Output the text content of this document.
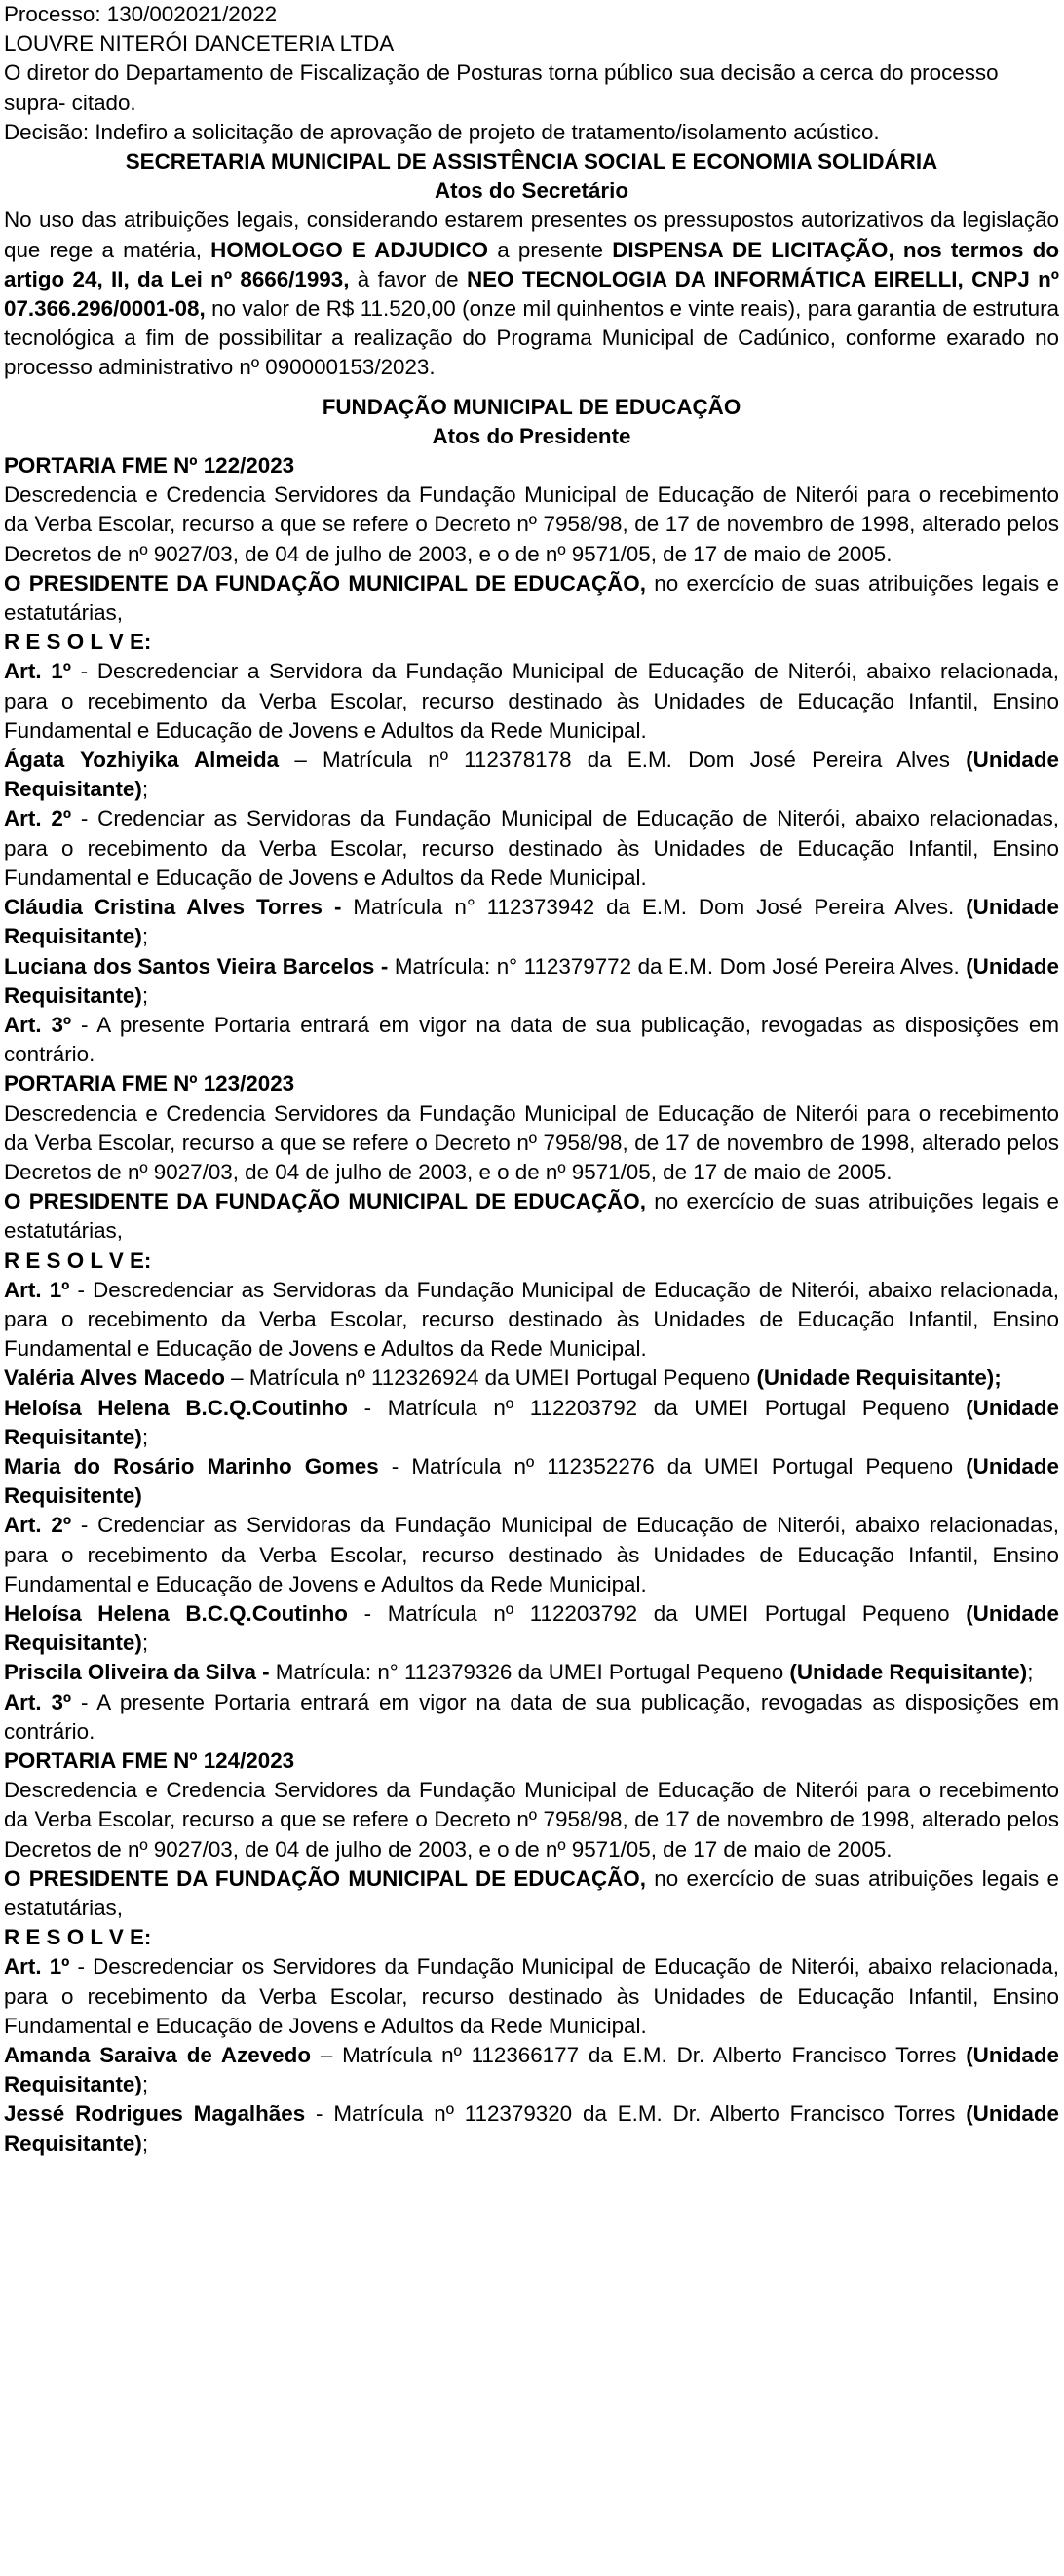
Processo: 130/002021/2022

LOUVRE NITERÓI DANCETERIA LTDA

O diretor do Departamento de Fiscalização de Posturas torna público sua decisão a cerca do processo supra- citado.

Decisão: Indefiro a solicitação de aprovação de projeto de tratamento/isolamento acústico.

SECRETARIA MUNICIPAL DE ASSISTÊNCIA SOCIAL E ECONOMIA SOLIDÁRIA

Atos do Secretário

No uso das atribuições legais, considerando estarem presentes os pressupostos autorizativos da legislação que rege a matéria, HOMOLOGO E ADJUDICO a presente DISPENSA DE LICITAÇÃO, nos termos do artigo 24, II, da Lei nº 8666/1993, à favor de NEO TECNOLOGIA DA INFORMÁTICA EIRELLI, CNPJ nº 07.366.296/0001-08, no valor de R$ 11.520,00 (onze mil quinhentos e vinte reais), para garantia de estrutura tecnológica a fim de possibilitar a realização do Programa Municipal de Cadúnico, conforme exarado no processo administrativo nº 090000153/2023.

FUNDAÇÃO MUNICIPAL DE EDUCAÇÃO

Atos do Presidente

PORTARIA FME Nº 122/2023

Descredencia e Credencia Servidores da Fundação Municipal de Educação de Niterói para o recebimento da Verba Escolar, recurso a que se refere o Decreto nº 7958/98, de 17 de novembro de 1998, alterado pelos Decretos de nº 9027/03, de 04 de julho de 2003, e o de nº 9571/05, de 17 de maio de 2005.

O PRESIDENTE DA FUNDAÇÃO MUNICIPAL DE EDUCAÇÃO, no exercício de suas atribuições legais e estatutárias,

R E S O L V E:

Art. 1º - Descredenciar a Servidora da Fundação Municipal de Educação de Niterói, abaixo relacionada, para o recebimento da Verba Escolar, recurso destinado às Unidades de Educação Infantil, Ensino Fundamental e Educação de Jovens e Adultos da Rede Municipal.

Ágata Yozhiyika Almeida – Matrícula nº 112378178 da E.M. Dom José Pereira Alves (Unidade Requisitante);

Art. 2º - Credenciar as Servidoras da Fundação Municipal de Educação de Niterói, abaixo relacionadas, para o recebimento da Verba Escolar, recurso destinado às Unidades de Educação Infantil, Ensino Fundamental e Educação de Jovens e Adultos da Rede Municipal.

Cláudia Cristina Alves Torres - Matrícula n° 112373942 da E.M. Dom José Pereira Alves. (Unidade Requisitante);

Luciana dos Santos Vieira Barcelos - Matrícula: n° 112379772 da E.M. Dom José Pereira Alves. (Unidade Requisitante);

Art. 3º - A presente Portaria entrará em vigor na data de sua publicação, revogadas as disposições em contrário.

PORTARIA FME Nº 123/2023

Descredencia e Credencia Servidores da Fundação Municipal de Educação de Niterói para o recebimento da Verba Escolar, recurso a que se refere o Decreto nº 7958/98, de 17 de novembro de 1998, alterado pelos Decretos de nº 9027/03, de 04 de julho de 2003, e o de nº 9571/05, de 17 de maio de 2005.

O PRESIDENTE DA FUNDAÇÃO MUNICIPAL DE EDUCAÇÃO, no exercício de suas atribuições legais e estatutárias,

R E S O L V E:

Art. 1º - Descredenciar as Servidoras da Fundação Municipal de Educação de Niterói, abaixo relacionada, para o recebimento da Verba Escolar, recurso destinado às Unidades de Educação Infantil, Ensino Fundamental e Educação de Jovens e Adultos da Rede Municipal.

Valéria Alves Macedo – Matrícula nº 112326924 da UMEI Portugal Pequeno (Unidade Requisitante);

Heloísa Helena B.C.Q.Coutinho - Matrícula nº 112203792 da UMEI Portugal Pequeno (Unidade Requisitante);

Maria do Rosário Marinho Gomes - Matrícula nº 112352276 da UMEI Portugal Pequeno (Unidade Requisitente)

Art. 2º - Credenciar as Servidoras da Fundação Municipal de Educação de Niterói, abaixo relacionadas, para o recebimento da Verba Escolar, recurso destinado às Unidades de Educação Infantil, Ensino Fundamental e Educação de Jovens e Adultos da Rede Municipal.

Heloísa Helena B.C.Q.Coutinho - Matrícula nº 112203792 da UMEI Portugal Pequeno (Unidade Requisitante);

Priscila Oliveira da Silva - Matrícula: n° 112379326 da UMEI Portugal Pequeno (Unidade Requisitante);

Art. 3º - A presente Portaria entrará em vigor na data de sua publicação, revogadas as disposições em contrário.

PORTARIA FME Nº 124/2023

Descredencia e Credencia Servidores da Fundação Municipal de Educação de Niterói para o recebimento da Verba Escolar, recurso a que se refere o Decreto nº 7958/98, de 17 de novembro de 1998, alterado pelos Decretos de nº 9027/03, de 04 de julho de 2003, e o de nº 9571/05, de 17 de maio de 2005.

O PRESIDENTE DA FUNDAÇÃO MUNICIPAL DE EDUCAÇÃO, no exercício de suas atribuições legais e estatutárias,

R E S O L V E:

Art. 1º - Descredenciar os Servidores da Fundação Municipal de Educação de Niterói, abaixo relacionada, para o recebimento da Verba Escolar, recurso destinado às Unidades de Educação Infantil, Ensino Fundamental e Educação de Jovens e Adultos da Rede Municipal.

Amanda Saraiva de Azevedo – Matrícula nº 112366177 da E.M. Dr. Alberto Francisco Torres (Unidade Requisitante);

Jessé Rodrigues Magalhães - Matrícula nº 112379320 da E.M. Dr. Alberto Francisco Torres (Unidade Requisitante);
